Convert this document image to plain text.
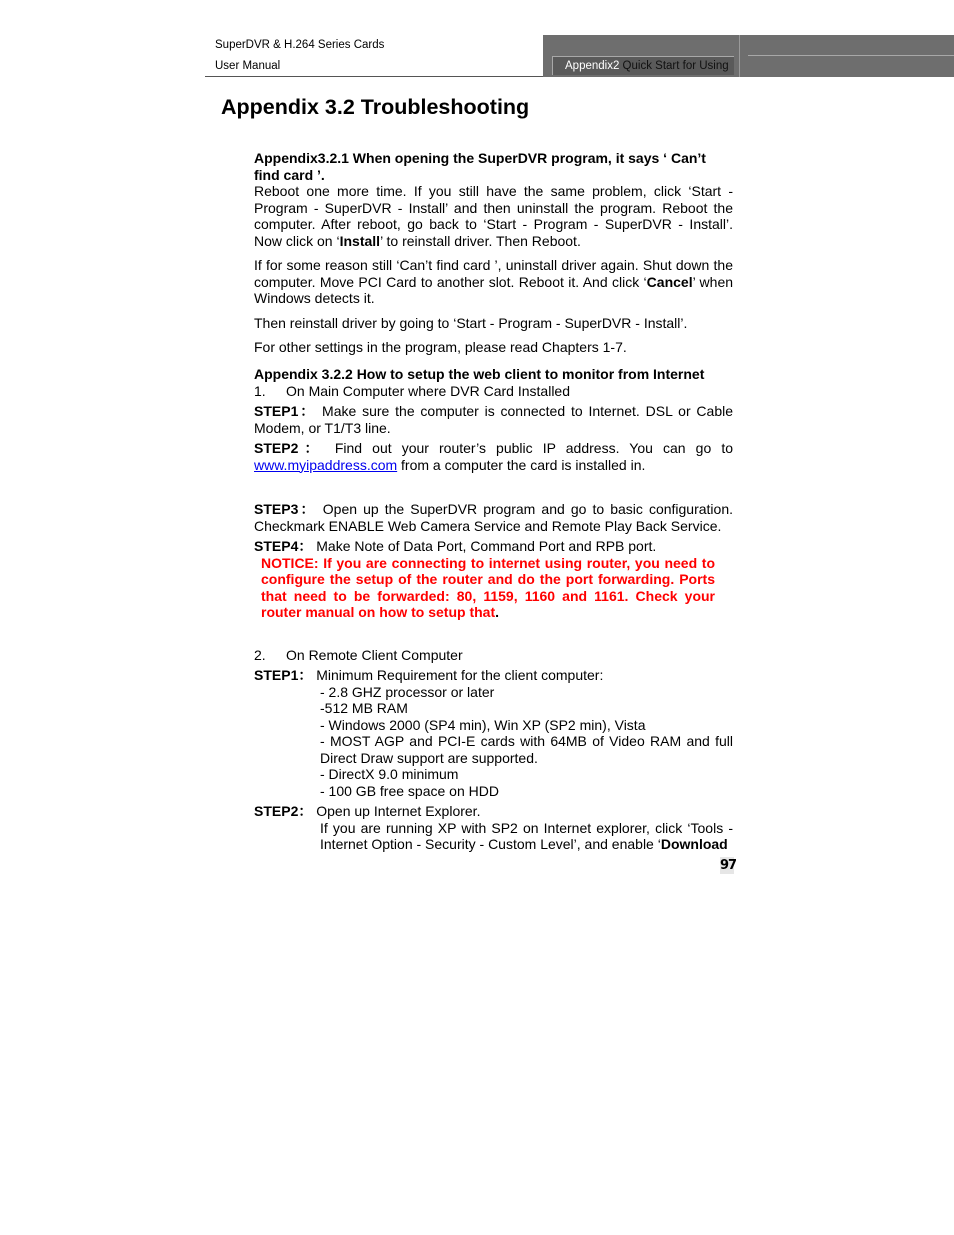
SuperDVR & H.264 Series Cards
User Manual	Appendix2 Quick Start for Using
Appendix 3.2 Troubleshooting

Appendix3.2.1 When opening the SuperDVR program, it says ‘ Can’t find card ’.

Reboot one more time. If you still have the same problem, click ‘Start - Program - SuperDVR - Install’ and then uninstall the program. Reboot the computer. After reboot, go back to ‘Start - Program - SuperDVR - Install’. Now click on ‘Install’ to reinstall driver. Then Reboot.

If for some reason still ‘Can’t find card ’, uninstall driver again. Shut down the computer. Move PCI Card to another slot. Reboot it. And click ‘Cancel’ when Windows detects it.

Then reinstall driver by going to ‘Start - Program - SuperDVR - Install’.

For other settings in the program, please read Chapters 1-7.

Appendix 3.2.2 How to setup the web client to monitor from Internet

1. On Main Computer where DVR Card Installed

STEP1： Make sure the computer is connected to Internet. DSL or Cable Modem, or T1/T3 line.

STEP2： Find out your router’s public IP address. You can go to www.myipaddress.com from a computer the card is installed in.

STEP3： Open up the SuperDVR program and go to basic configuration. Checkmark ENABLE Web Camera Service and Remote Play Back Service.

STEP4： Make Note of Data Port, Command Port and RPB port.

NOTICE: If you are connecting to internet using router, you need to configure the setup of the router and do the port forwarding. Ports that need to be forwarded: 80, 1159, 1160 and 1161. Check your router manual on how to setup that.

2. On Remote Client Computer

STEP1： Minimum Requirement for the client computer:

- 2.8 GHZ processor or later

-512 MB RAM

- Windows 2000 (SP4 min), Win XP (SP2 min), Vista

- MOST AGP and PCI-E cards with 64MB of Video RAM and full Direct Draw support are supported.

- DirectX 9.0 minimum

- 100 GB free space on HDD

STEP2： Open up Internet Explorer.

If you are running XP with SP2 on Internet explorer, click ‘Tools - Internet Option - Security - Custom Level’, and enable ‘Download

97
